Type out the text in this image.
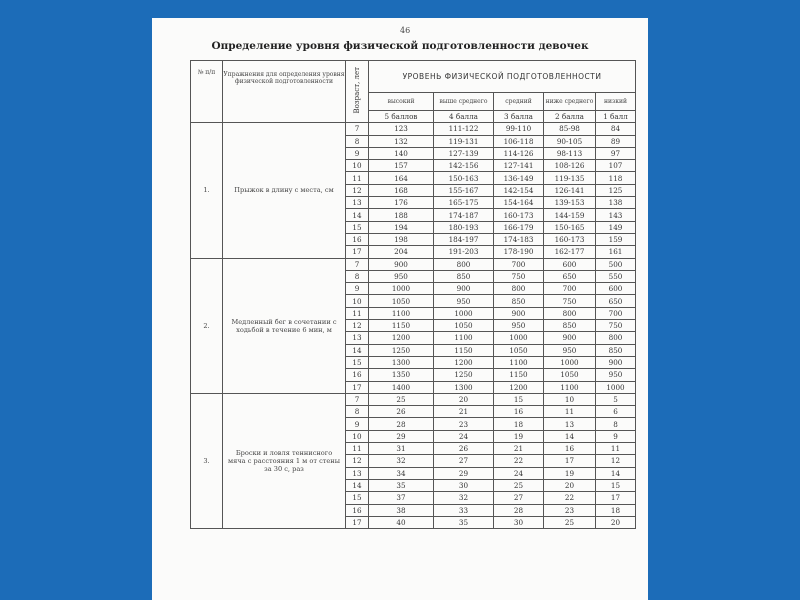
46
Определение уровня физической подготовленности девочек
№ п/п	Упражнения для определения уровня физической подготовленности	Возраст, лет	УРОВЕНЬ ФИЗИЧЕСКОЙ ПОДГОТОВЛЕННОСТИ				
			высокий	выше среднего	средний	ниже среднего	низкий
			5 баллов	4 балла	3 балла	2 балла	1 балл
1.	Прыжок в длину с места, см	7	123	111-122	99-110	85-98	84
		8	132	119-131	106-118	90-105	89
		9	140	127-139	114-126	98-113	97
		10	157	142-156	127-141	108-126	107
		11	164	150-163	136-149	119-135	118
		12	168	155-167	142-154	126-141	125
		13	176	165-175	154-164	139-153	138
		14	188	174-187	160-173	144-159	143
		15	194	180-193	166-179	150-165	149
		16	198	184-197	174-183	160-173	159
		17	204	191-203	178-190	162-177	161
2.	Медленный бег в сочетании с ходьбой в течение 6 мин, м	7	900	800	700	600	500
		8	950	850	750	650	550
		9	1000	900	800	700	600
		10	1050	950	850	750	650
		11	1100	1000	900	800	700
		12	1150	1050	950	850	750
		13	1200	1100	1000	900	800
		14	1250	1150	1050	950	850
		15	1300	1200	1100	1000	900
		16	1350	1250	1150	1050	950
		17	1400	1300	1200	1100	1000
3.	Броски и ловля теннисного мяча с расстояния 1 м от стены за 30 с, раз	7	25	20	15	10	5
		8	26	21	16	11	6
		9	28	23	18	13	8
		10	29	24	19	14	9
		11	31	26	21	16	11
		12	32	27	22	17	12
		13	34	29	24	19	14
		14	35	30	25	20	15
		15	37	32	27	22	17
		16	38	33	28	23	18
		17	40	35	30	25	20
